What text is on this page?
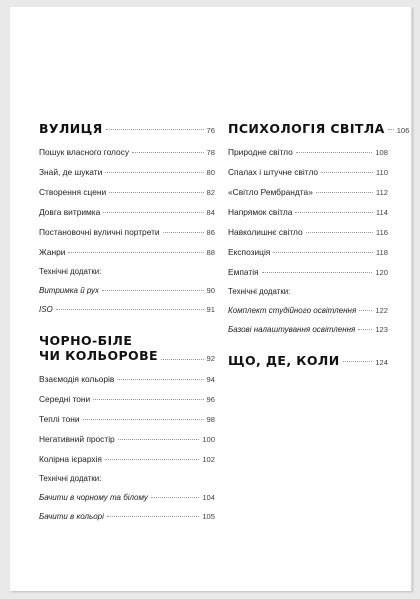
ВУЛИЦЯ	76
Пошук власного голосу	78
Знай, де шукати	80
Створення сцени	82
Довга витримка	84
Постановочні вуличні портрети	86
Жанри	88
Технічні додатки:
Витримка й рух	90
ISO	91
ЧОРНО-БІЛЕ
ЧИ КОЛЬОРОВЕ	92
Взаємодія кольорів	94
Середні тони	96
Теплі тони	98
Негативний простір	100
Колірна ієрархія	102
Технічні додатки:
Бачити в чорному та білому	104
Бачити в кольорі	105
ПСИХОЛОГІЯ СВІТЛА 106
Природне світло	108
Спалах і штучне світло	110
«Світло Рембрандта»	112
Напрямок світла	114
Навколишнє світло	116
Експозиція	118
Емпатія	120
Технічні додатки:
Комплект студійного освітлення	122
Базові налаштування освітлення	123
ЩО, ДЕ, КОЛИ	124
